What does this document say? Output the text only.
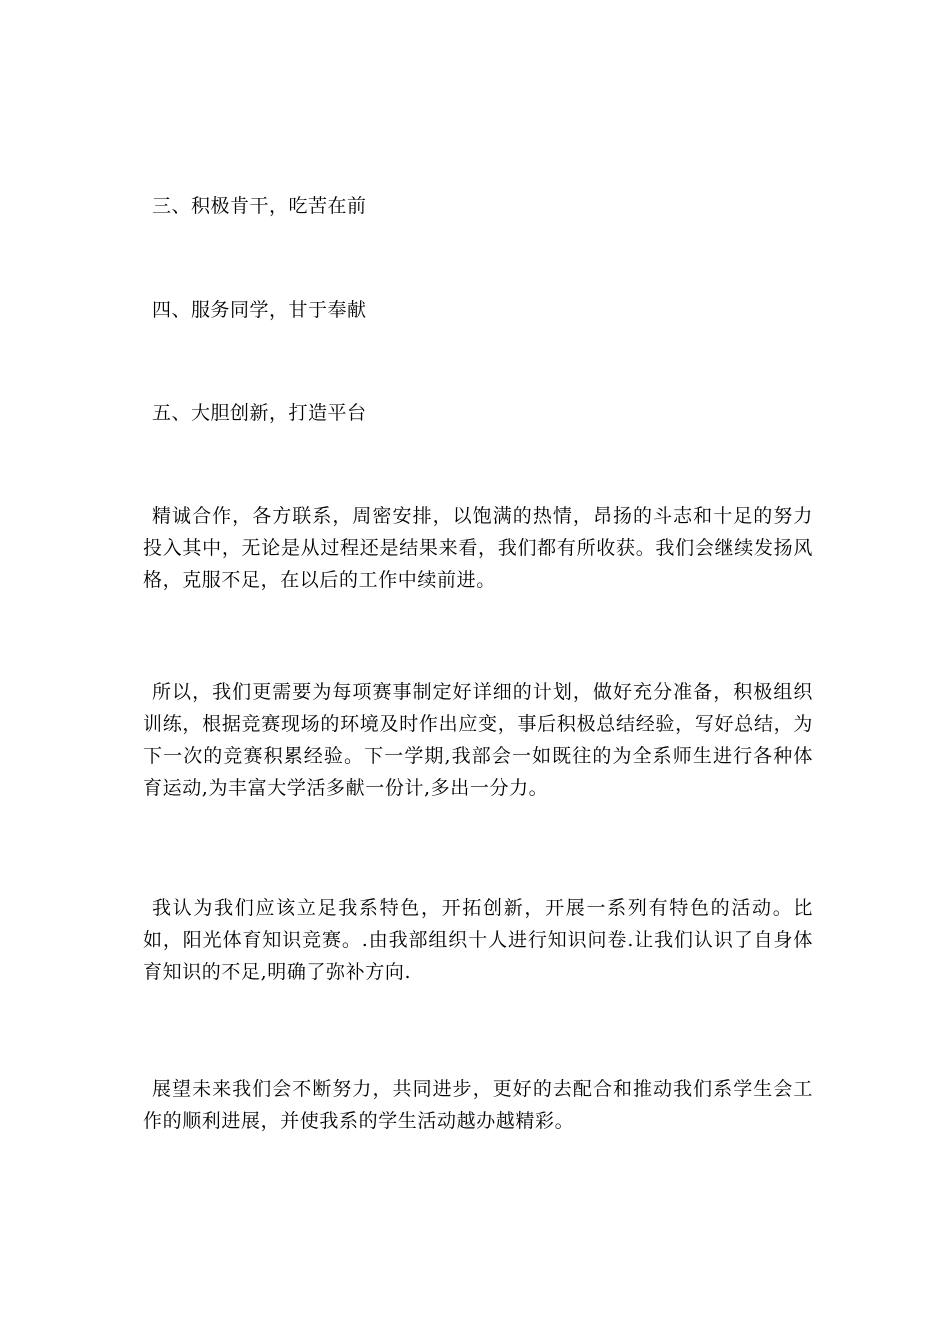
三、积极肯干，吃苦在前
四、服务同学，甘于奉献
五、大胆创新，打造平台

精诚合作，各方联系，周密安排，以饱满的热情，昂扬的斗志和十足的努力投入其中，无论是从过程还是结果来看，我们都有所收获。我们会继续发扬风格，克服不足，在以后的工作中续前进。

所以，我们更需要为每项赛事制定好详细的计划，做好充分准备，积极组织训练，根据竞赛现场的环境及时作出应变，事后积极总结经验，写好总结，为下一次的竞赛积累经验。下一学期,我部会一如既往的为全系师生进行各种体育运动,为丰富大学活多献一份计,多出一分力。

我认为我们应该立足我系特色，开拓创新，开展一系列有特色的活动。比如，阳光体育知识竞赛。.由我部组织十人进行知识问卷.让我们认识了自身体育知识的不足,明确了弥补方向.

展望未来我们会不断努力，共同进步，更好的去配合和推动我们系学生会工作的顺利进展，并使我系的学生活动越办越精彩。
